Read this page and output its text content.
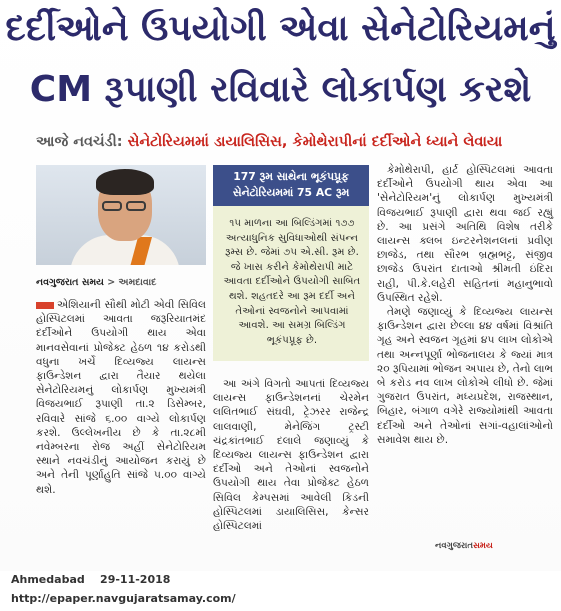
દર્દીઓને ઉપયોગી એવા સેનેટોરિયમનું
CM રૂપાણી રવિવારે લોકાર્પણ કરશે
આજે નવચંડી: સેનેટોરિયમમાં ડાયાલિસિસ, કેમોથેરાપીનાં દર્દીઓને ધ્યાને લેવાયા
નવગુજરાત સમય > અમદાવાદ

એશિયાની સૌથી મોટી એવી સિવિલ હોસ્પિટલમાં આવતા જરૂરિયાતમંદ દર્દીઓને ઉપયોગી થાય એવા માનવસેવાનાં પ્રોજેક્ટ હેઠળ ૧૪ કરોડથી વધુના ખર્ચે દિવ્યજ્ય લાયન્સ ફાઉન્ડેશન દ્વારા તૈયાર થયેલા સેનેટોરિયમનું લોકાર્પણ મુખ્યમંત્રી વિજયભાઈ રૂપાણી તા.૨ ડિસેમ્બર, રવિવારે સાંજે ૬.૦૦ વાગ્યે લોકાર્પણ કરશે. ઉલ્લેખનીય છે કે તા.૨૮મી નવેમ્બરના રોજ અહીં સેનેટોરિયમ સ્થાને નવચંડીનું આયોજન કરાયું છે અને તેની પૂર્ણાહુતિ સાંજે ૫.૦૦ વાગ્યે થશે.

177 રૂમ સાથેના ભૂકંપપ્રૂફ
સેનેટોરિયમમાં 75 AC રૂમ
૧૫ માળના આ બિલ્ડિંગમાં ૧૭૭ અત્યાધુનિક સુવિધાઓથી સંપન્ન રૂમ્સ છે. જેમાં ૭૫ એ.સી. રૂમ છે. જે ખાસ કરીને કેમોથેરાપી માટે આવતા દર્દીઓને ઉપયોગી સાબિત થશે. શહતદરે આ રૂમ દર્દી અને તેઓનાં સ્વજનોને આપવામાં આવશે. આ સમગ્ર બિલ્ડિંગ ભૂકંપપ્રૂફ છે.

આ અંગે વિગતો આપતાં દિવ્યજ્ય લાયન્સ ફાઉન્ડેશનનાં ચેરમેન લલિતભાઈ સંઘવી, ટ્રેઝરર રાજેન્દ્ર લાલવાણી, મેનેજિંગ ટ્રસ્ટી ચંદ્રકાંતભાઈ દલાલે જણાવ્યું કે દિવ્યજ્ય લાયન્સ ફાઉન્ડેશન દ્વારા દર્દીઓ અને તેઓનાં સ્વજનોને ઉપયોગી થાય તેવા પ્રોજેક્ટ હેઠળ સિવિલ કેમ્પસમાં આવેલી કિડની હોસ્પિટલમાં ડાયાલિસિસ, કેન્સર હોસ્પિટલમાં

કેમોથેરાપી, હાર્ટ હોસ્પિટલમાં આવતા દર્દીઓને ઉપયોગી થાય એવા આ 'સેનેટોરિયમ'નું લોકાર્પણ મુખ્યમંત્રી વિજયભાઈ રૂપાણી દ્વારા થવા જઈ રહ્યું છે. આ પ્રસંગે અતિથિ વિશેષ તરીકે લાયન્સ ક્લબ ઇન્ટરનેશનલનાં પ્રવીણ છાજેડ, તથા સૌરભ બ્રહ્મભટ્ટ, સંજીવ છાજેડ ઉપરાંત દાતાઓ શ્રીમતી ઇંદિરા રાહી, પી.કે.લહેરી સહિતનાં મહાનુભાવો ઉપસ્થિત રહેશે.

તેમણે જણાવ્યું કે દિવ્યજ્ય લાયન્સ ફાઉન્ડેશન દ્વારા છેલ્લા ૪૪ વર્ષમાં વિશ્રાંતિ ગૃહ અને સ્વજન ગૃહમાં ૪૫ લાખ લોકોએ તથા અન્નપૂર્ણા ભોજનાલય કે જ્યાં માત્ર ૨૦ રૂપિયામાં ભોજન અપાય છે, તેનો લાભ બે કરોડ નવ લાખ લોકોએ લીધો છે. જેમાં ગુજરાત ઉપરાંત, મધ્યપ્રદેશ, રાજસ્થાન, બિહાર, બંગાળ વગેરે રાજ્યોમાંથી આવતા દર્દીઓ અને તેઓનાં સગાં-વહાલાંઓનો સમાવેશ થાય છે.

નવગુજરાતસમય
Ahmedabad    29-11-2018
http://epaper.navgujaratsamay.com/
